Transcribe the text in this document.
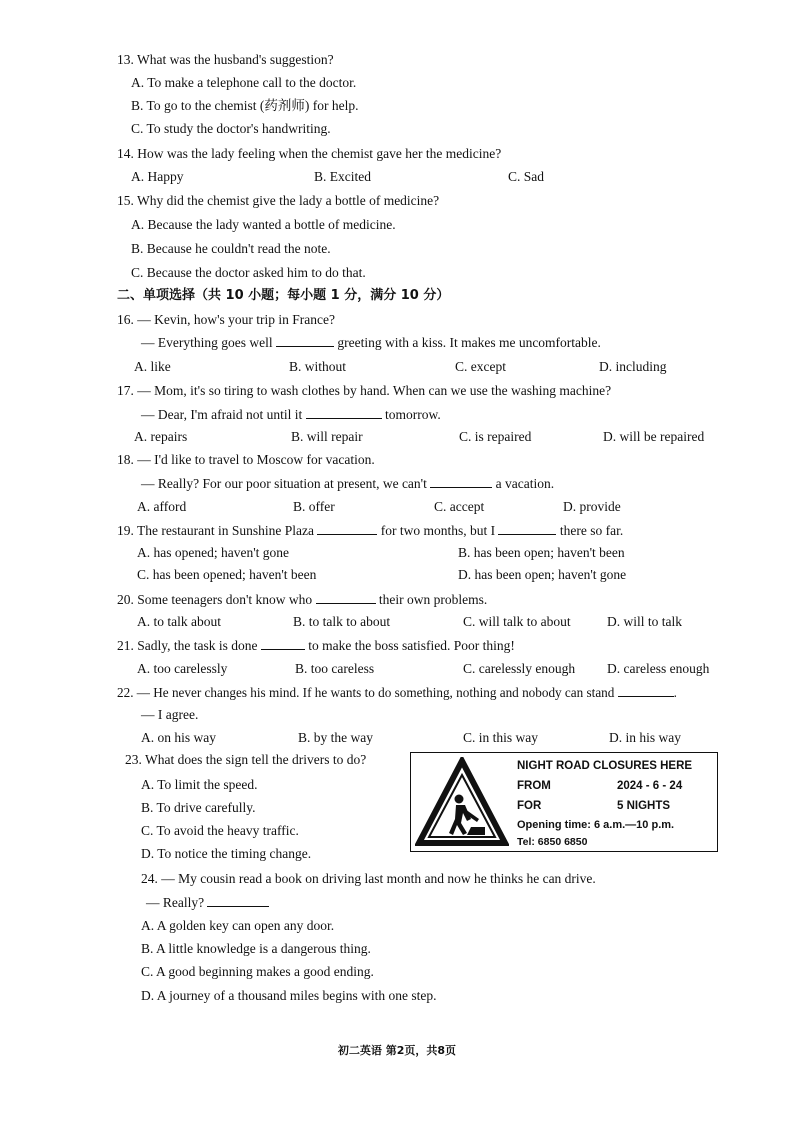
13. What was the husband's suggestion?
A. To make a telephone call to the doctor.
B. To go to the chemist (药剂师) for help.
C. To study the doctor's handwriting.
14. How was the lady feeling when the chemist gave her the medicine?
A. Happy	B. Excited	C. Sad
15. Why did the chemist give the lady a bottle of medicine?
A. Because the lady wanted a bottle of medicine.
B. Because he couldn't read the note.
C. Because the doctor asked him to do that.
二、单项选择（共 10 小题；每小题 1 分，满分 10 分）
16. — Kevin, how's your trip in France?
— Everything goes well	greeting with a kiss. It makes me uncomfortable.
A. like	B. without	C. except	D. including
17. — Mom, it's so tiring to wash clothes by hand. When can we use the washing machine?
— Dear, I'm afraid not until it	tomorrow.
A. repairs	B. will repair	C. is repaired	D. will be repaired
18. — I'd like to travel to Moscow for vacation.
— Really? For our poor situation at present, we can't	a vacation.
A. afford	B. offer	C. accept	D. provide
19. The restaurant in Sunshine Plaza	for two months, but I	there so far.
A. has opened; haven't gone	B. has been open; haven't been
C. has been opened; haven't been	D. has been open; haven't gone
20. Some teenagers don't know who	their own problems.
A. to talk about	B. to talk to about	C. will talk to about	D. will to talk
21. Sadly, the task is done	to make the boss satisfied. Poor thing!
A. too carelessly	B. too careless	C. carelessly enough D. careless enough
22. — He never changes his mind. If he wants to do something, nothing and nobody can stand	.
— I agree.
A. on his way	B. by the way	C. in this way	D. in his way
23. What does the sign tell the drivers to do?
A. To limit the speed.
B. To drive carefully.
C. To avoid the heavy traffic.
D. To notice the timing change.
NIGHT ROAD CLOSURES HERE
FROM	2024 - 6 - 24
FOR	5 NIGHTS
Opening time: 6 a.m.—10 p.m.
Tel: 6850 6850
24. — My cousin read a book on driving last month and now he thinks he can drive.
— Really?
A. A golden key can open any door.
B. A little knowledge is a dangerous thing.
C. A good beginning makes a good ending.
D. A journey of a thousand miles begins with one step.
初二英语 第2页，共8页
